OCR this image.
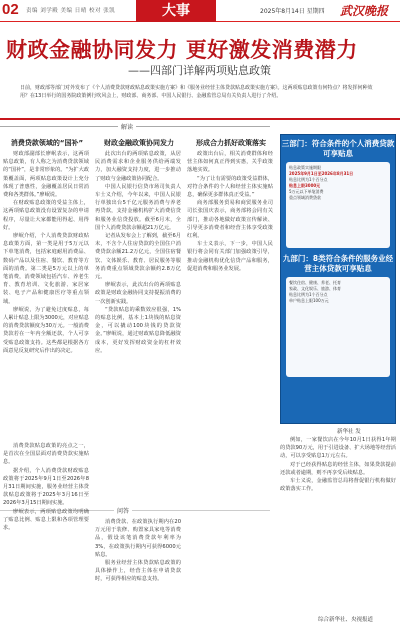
02 责编 刘学殿 美编 日晴 校对 张凯	大事	2025年8月14日 星期四 武汉晚报
财政金融协同发力 更好激发消费潜力
——四部门详解两项贴息政策
日前，财政部等部门对外发布了《个人消费贷款财政贴息政策实施方案》和《服务业经营主体贷款贴息政策实施方案》。这两项贴息政策有何特点？将发挥何种效用？在13日举行的国务院政策例行吹风会上，财政部、商务部、中国人民银行、金融监管总局有关负责人进行了介绍。
解读
消费贷款领域的“国补”	财政金融政策协同发力	形成合力抓好政策落实

财政部副部长廖岷表示，这两项贴息政策，有人称之为消费贷款领域的“国补”，是非常形象的。“为扩大政策覆盖面，两项贴息政策设计上充分体现了普惠性，金融覆盖居民日常消费和各类群体。”廖岷说。

在财政贴息政策的受益主体上，这两项贴息政策没有设置复杂的申请程序，尽量让大家都能用得起、用得好。

廖岷介绍，个人消费贷款财政贴息政策方面，第一类是用于5万元以下单笔消费，包括家庭耐用消费品、数码产品以及住宿、餐饮、教育等方面的消费。第二类是5万元以上的单笔消费，消费领域包括汽车、养老生育、教育培训、文化旅游、家居家装、电子产品和健康医疗等重点领域。

廖岷说，为了避免过度贴息，每人累计贴息上限为3000元，对应贴息的消费贷款额度为30万元。一般消费贷款若在一年内全额还款，个人可享受贴息政策支持。这些都是根据各方面意见反复研究后作出的决定。

此次出台的两项贴息政策，从居民消费需求和企业服务供给两端发力，加大融资支持力度，进一步推动了财政与金融政策协同配合。

中国人民银行信贷市场司负责人车士义介绍，今年以来，中国人民银行单独出台5千亿元服务消费与养老再贷款，支持金融机构扩大消费信贷和服务业信贷投放。截至6月末，全国个人消费贷款余额超21万亿元。

记者从发布会上了解到，截至6月末，不含个人住房贷款的全国住户消费贷款余额21.2万亿元，全国住宿餐饮、文体娱乐、教育、居民服务等服务消费重点领域贷款余额约2.8万亿元。

廖岷表示，此次出台的两项贴息政策是财政金融协同支持提振消费的一次创新实践。

“贷款贴息的乘数效应很强，1%的贴息比例，基本上1块钱的贴息资金，可以撬动100块钱的贷款资金。”廖岷说，通过财政贴息降低融资成本，更好发挥财政资金的杠杆效应。

政策出台后，相关消费群体和经营主体如何真正得到实惠，关乎政策落地实效。

“为了让有需要的政策受益群体，对符合条件的个人和经营主体实施贴息，确保更多群体真正受益。”

商务部服务贸易和商贸服务业司司长张国庆表示，商务部将会同有关部门，推动各地做好政策宣传解读、引导更多消费者和经营主体享受政策红利。

车士义表示，下一步，中国人民银行将会同有关部门加强政策引导，推动金融机构优化信贷产品和服务，促进消费和服务业发展。

三部门：符合条件的个人消费贷款可享贴息
贴息政策实施期限
2025年9月1日至2026年8月31日
贴息比例为1个百分点
贴息上限3000元
5万元以下单笔消费
重点领域消费贷款
九部门：8类符合条件的服务业经营主体贷款可享贴息
餐饮住宿、健康、养老、托育
家政、文化娱乐、旅游、体育
贴息比例为1个百分点
单户贴息上限100万元
新华社 发
问答

消费贷款贴息政策的亮点之一，是首次在全国层面对消费贷款实施贴息。

据介绍，个人消费贷款财政贴息政策将于2025年9月1日至2026年8月31日期间实施，服务业经营主体贷款贴息政策将于2025年3月16日至2026年3月15日期间实施。

廖岷表示，两项贴息政策均明确了贴息比例、贴息上限和各项管理要求。

消费贷款、在政策执行期内在20万元用于装修、购置家具家电等消费品，假设该笔消费贷款年利率为3%，在政策执行期内可获得6000元贴息。

服务业经营主体贷款贴息政策的具体操作上，经营主体在申请贷款时，可获得相应的贴息支持。

例如，一家餐饮店在今年10月1日获得1年期的贷款90万元，用于引进设备、扩大场地等经营活动，可以享受贴息1万元左右。

对于已经获得贴息的经营主体，如果贷款提前还款或者逾期，则不再享受后续贴息。

车士义说，金融监管总局将督促银行机构做好政策落实工作。

综合新华社、央视报道
